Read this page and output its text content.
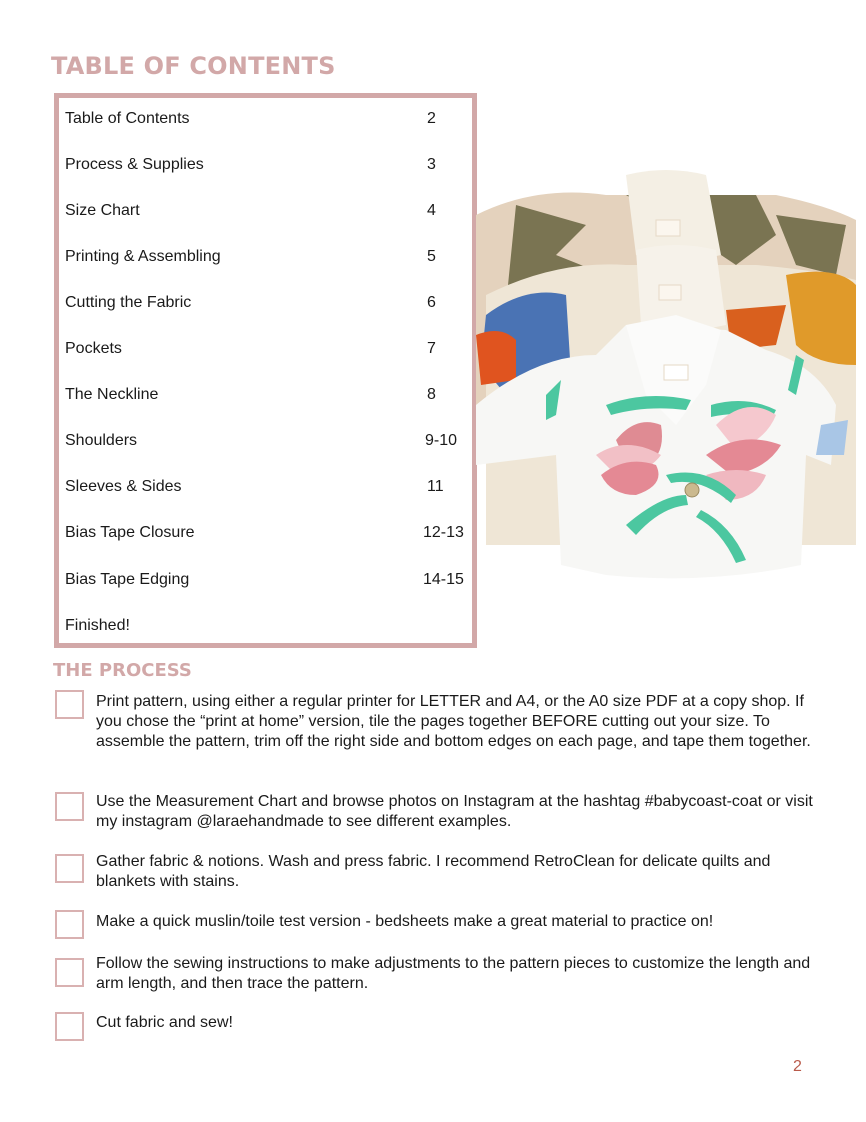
TABLE OF CONTENTS
Table of Contents	2
Process & Supplies	3
Size Chart	4
Printing & Assembling	5
Cutting the Fabric	6
Pockets	7
The Neckline	8
Shoulders	9-10
Sleeves & Sides	11
Bias Tape Closure	12-13
Bias Tape Edging	14-15
Finished!
THE PROCESS
Print pattern, using either a regular printer for LETTER and A4, or the A0 size PDF at a copy shop. If you chose the “print at home” version, tile the pages together BEFORE cutting out your size. To assemble the pattern, trim off the right side and bottom edges on each page, and tape them together.
Use the Measurement Chart and browse photos on Instagram at the hashtag #babycoast-coat or visit my instagram @laraehandmade to see different examples.
Gather fabric & notions. Wash and press fabric. I recommend RetroClean for delicate quilts and blankets with stains.
Make a quick muslin/toile test version - bedsheets make a great material to practice on!
Follow the sewing instructions to make adjustments to the pattern pieces to customize the length and arm length, and then trace the pattern.
Cut fabric and sew!
2
